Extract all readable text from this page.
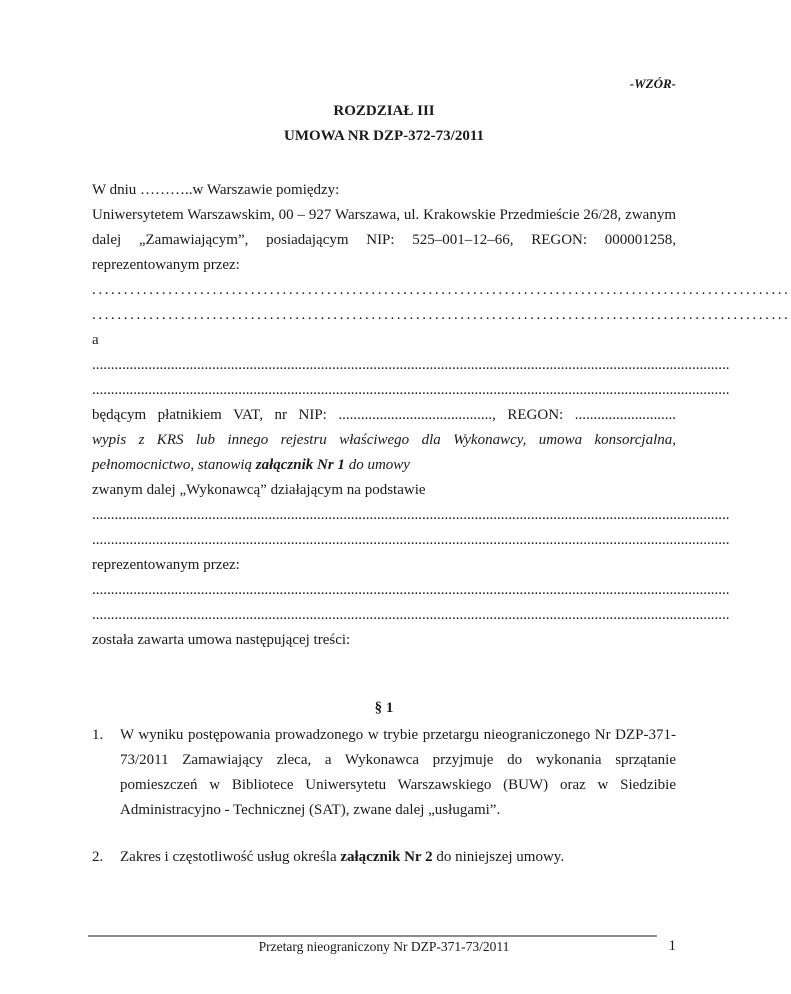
-WZÓR-
ROZDZIAŁ III
UMOWA NR DZP-372-73/2011

W dniu ………..w Warszawie pomiędzy:

Uniwersytetem Warszawskim, 00 – 927 Warszawa, ul. Krakowskie Przedmieście 26/28, zwanym dalej „Zamawiającym”, posiadającym NIP: 525–001–12–66, REGON: 000001258, reprezentowanym przez:

..............................................................................................................

..............................................................................................................

a

..........................................................................................................................................................................

..........................................................................................................................................................................

będącym płatnikiem VAT, nr NIP: ........................................., REGON: ...........................

wypis z KRS lub innego rejestru właściwego dla Wykonawcy, umowa konsorcjalna, pełnomocnictwo, stanowią załącznik Nr 1 do umowy

zwanym dalej „Wykonawcą” działającym na podstawie

..........................................................................................................................................................................

..........................................................................................................................................................................

reprezentowanym przez:

..........................................................................................................................................................................

..........................................................................................................................................................................

została zawarta umowa następującej treści:

§ 1
1. W wyniku postępowania prowadzonego w trybie przetargu nieograniczonego Nr DZP-371-73/2011 Zamawiający zleca, a Wykonawca przyjmuje do wykonania sprzątanie pomieszczeń w Bibliotece Uniwersytetu Warszawskiego (BUW) oraz w Siedzibie Administracyjno - Technicznej (SAT), zwane dalej „usługami”.
2. Zakres i częstotliwość usług określa załącznik Nr 2 do niniejszej umowy.
Przetarg nieograniczony Nr DZP-371-73/2011	1
